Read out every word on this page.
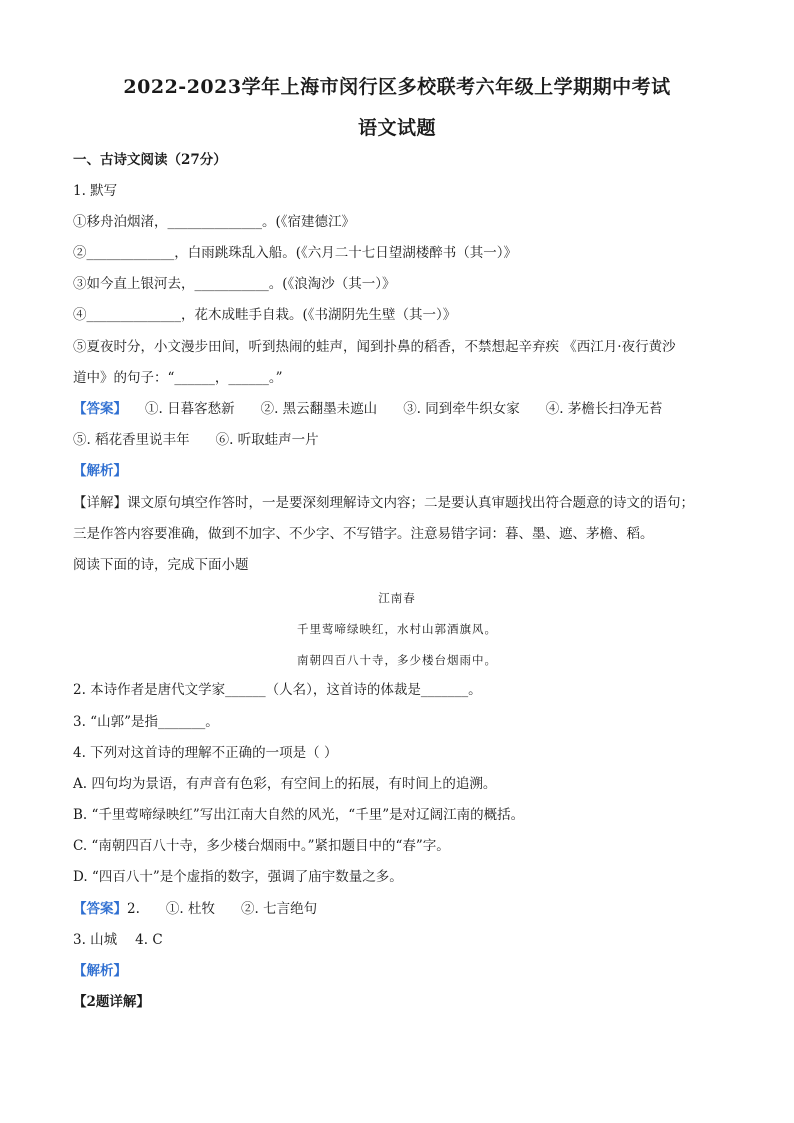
2022-2023学年上海市闵行区多校联考六年级上学期期中考试
语文试题
一、古诗文阅读（27分）
1. 默写
①移舟泊烟渚，______________。(《宿建德江》
②_____________，白雨跳珠乱入船。(《六月二十七日望湖楼醉书（其一）》
③如今直上银河去，___________。(《浪淘沙（其一）》
④______________，花木成畦手自栽。(《书湖阴先生壁（其一）》
⑤夏夜时分，小文漫步田间，听到热闹的蛙声，闻到扑鼻的稻香，不禁想起辛弃疾 《西江月·夜行黄沙
道中》的句子：“______，______。”
【答案】 ①. 日暮客愁新 ②. 黑云翻墨未遮山 ③. 同到牵牛织女家 ④. 茅檐长扫净无苔
⑤. 稻花香里说丰年 ⑥. 听取蛙声一片
【解析】
【详解】课文原句填空作答时，一是要深刻理解诗文内容；二是要认真审题找出符合题意的诗文的语句；
三是作答内容要准确，做到不加字、不少字、不写错字。注意易错字词：暮、墨、遮、茅檐、稻。
阅读下面的诗，完成下面小题
江南春
千里莺啼绿映红，水村山郭酒旗风。
南朝四百八十寺，多少楼台烟雨中。
2. 本诗作者是唐代文学家______（人名），这首诗的体裁是_______。
3. “山郭”是指_______。
4. 下列对这首诗的理解不正确的一项是（ ）
A. 四句均为景语，有声音有色彩，有空间上的拓展，有时间上的追溯。
B. “千里莺啼绿映红”写出江南大自然的风光，“千里”是对辽阔江南的概括。
C. “南朝四百八十寺，多少楼台烟雨中。”紧扣题目中的“春”字。
D. “四百八十”是个虚指的数字，强调了庙宇数量之多。
【答案】2. ①. 杜牧 ②. 七言绝句
3. 山城 4. C
【解析】
【2题详解】
